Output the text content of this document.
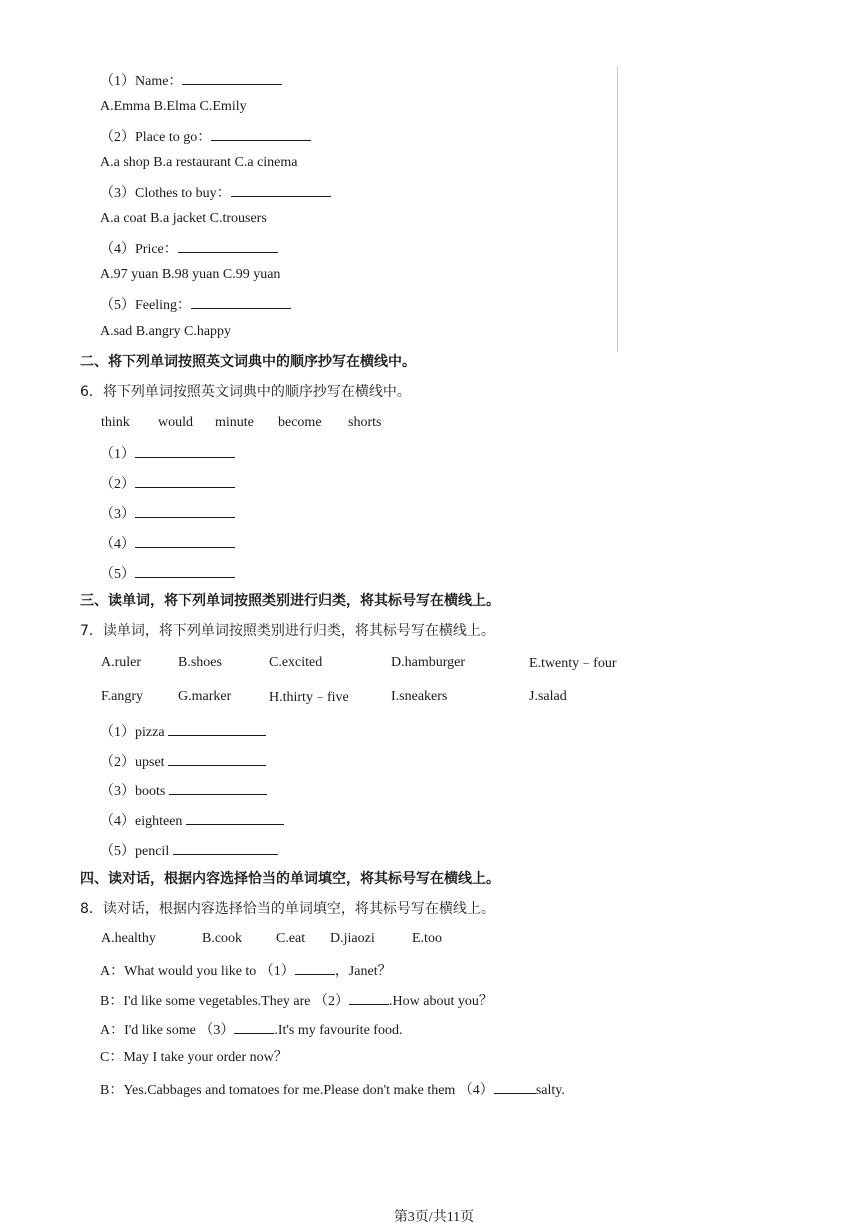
（1）Name：
A.Emma B.Elma C.Emily
（2）Place to go：
A.a shop B.a restaurant C.a cinema
（3）Clothes to buy：
A.a coat B.a jacket C.trousers
（4）Price：
A.97 yuan B.98 yuan C.99 yuan
（5）Feeling：
A.sad B.angry C.happy
二、将下列单词按照英文词典中的顺序抄写在横线中。
6．将下列单词按照英文词典中的顺序抄写在横线中。
think would minute become shorts
（1）
（2）
（3）
（4）
（5）
三、读单词，将下列单词按照类别进行归类，将其标号写在横线上。
7．读单词，将下列单词按照类别进行归类，将其标号写在横线上。
A.ruler	B.shoes	C.excited	D.hamburger	E.twenty﹣four
F.angry G.marker	H.thirty﹣five	I.sneakers	J.salad
（1）pizza
（2）upset
（3）boots
（4）eighteen
（5）pencil
四、读对话，根据内容选择恰当的单词填空，将其标号写在横线上。
8．读对话，根据内容选择恰当的单词填空，将其标号写在横线上。
A.healthy	B.cook C.eat D.jiaozi	E.too
A：What would you like to （1）	，Janet？
B：I'd like some vegetables.They are （2）	.How about you？
A：I'd like some （3）	.It's my favourite food.
C：May I take your order now？
B：Yes.Cabbages and tomatoes for me.Please don't make them （4）	salty.
第3页/共11页
